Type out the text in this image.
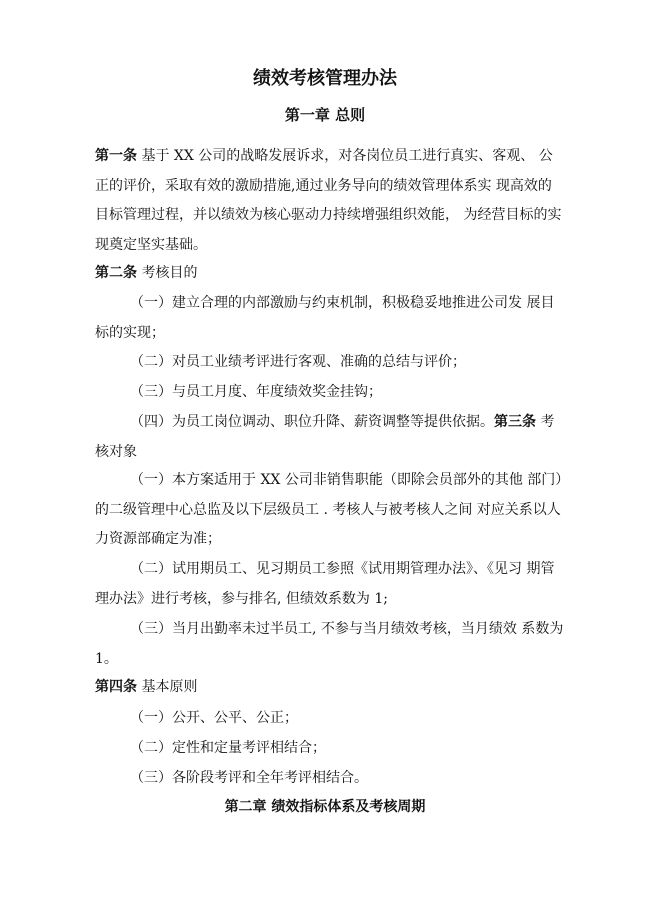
绩效考核管理办法
第一章 总则

第一条 基于 XX 公司的战略发展诉求，对各岗位员工进行真实、客观、 公正的评价，采取有效的激励措施,通过业务导向的绩效管理体系实 现高效的目标管理过程，并以绩效为核心驱动力持续增强组织效能， 为经营目标的实现奠定坚实基础。

第二条 考核目的

（一）建立合理的内部激励与约束机制，积极稳妥地推进公司发 展目标的实现；

（二）对员工业绩考评进行客观、准确的总结与评价；

（三）与员工月度、年度绩效奖金挂钩；

（四）为员工岗位调动、职位升降、薪资调整等提供依据。第三条 考核对象

（一）本方案适用于 XX 公司非销售职能（即除会员部外的其他 部门）的二级管理中心总监及以下层级员工 . 考核人与被考核人之间 对应关系以人力资源部确定为准；

（二）试用期员工、见习期员工参照《试用期管理办法》、《见习 期管理办法》进行考核，参与排名, 但绩效系数为 1;

（三）当月出勤率未过半员工, 不参与当月绩效考核，当月绩效 系数为 1。

第四条 基本原则

（一）公开、公平、公正；

（二）定性和定量考评相结合；

（三）各阶段考评和全年考评相结合。

第二章 绩效指标体系及考核周期
